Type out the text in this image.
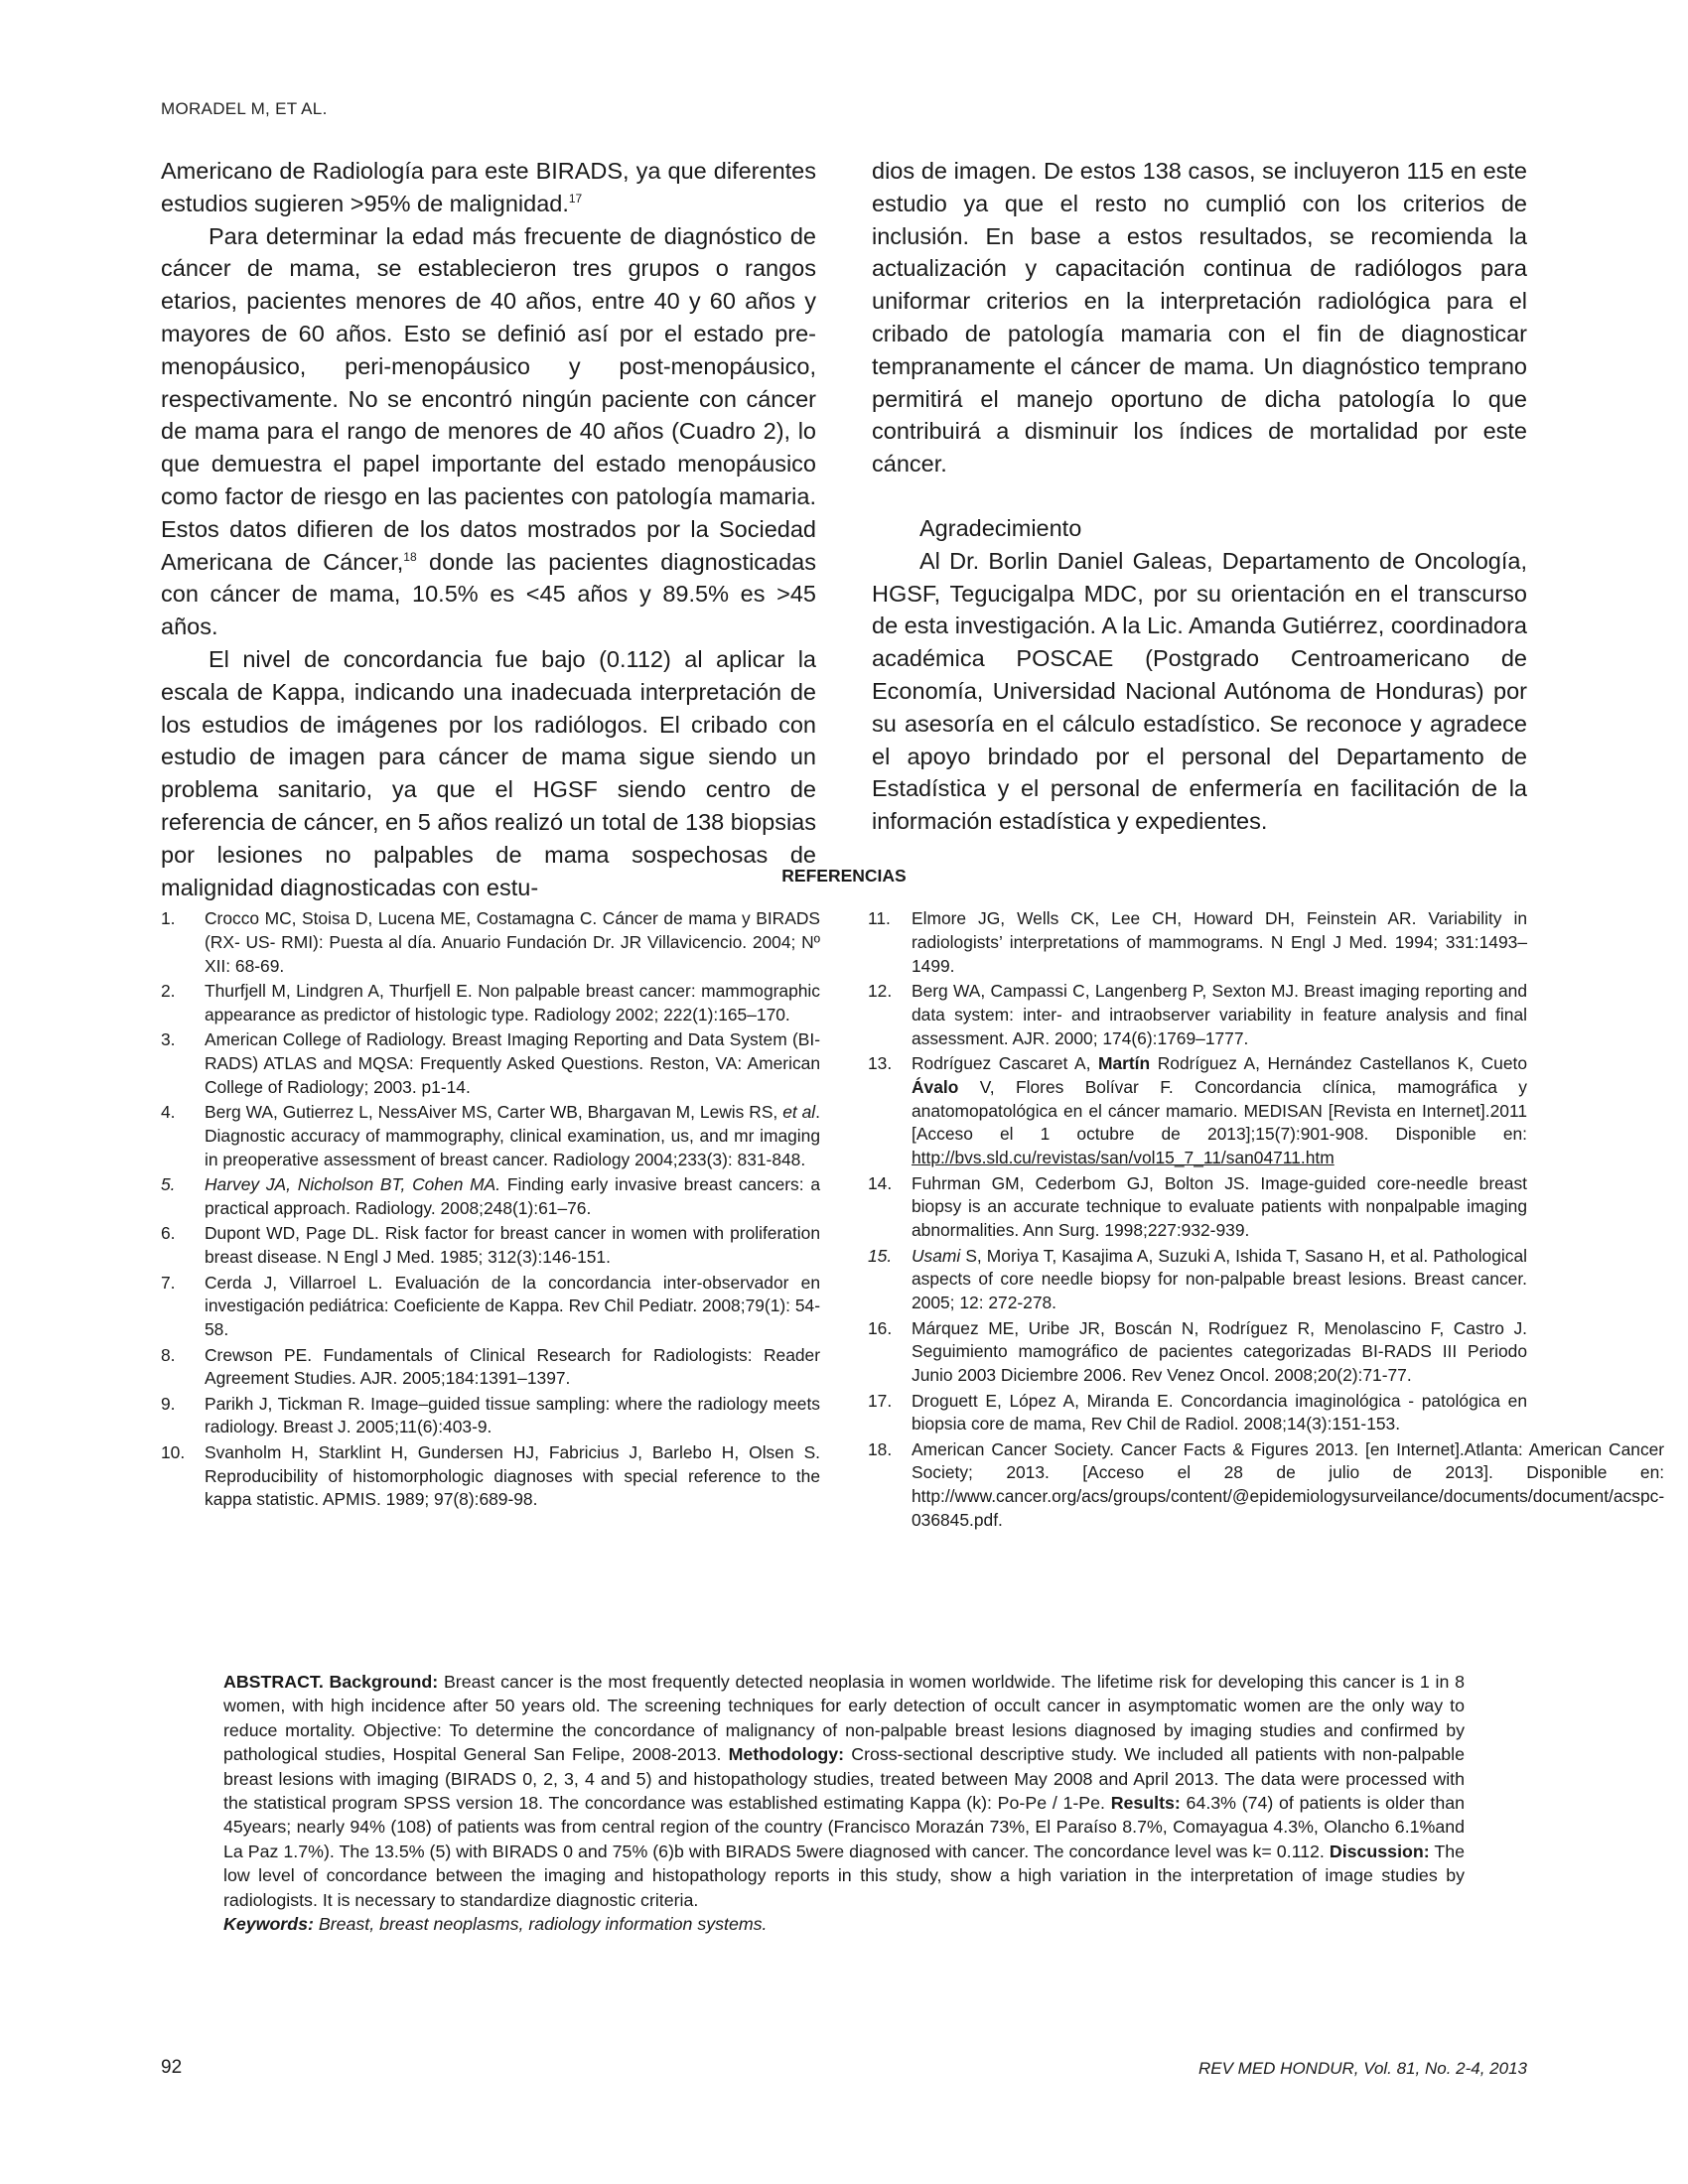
MORADEL M, ET AL.

Americano de Radiología para este BIRADS, ya que diferentes estudios sugieren >95% de malignidad.$^{17}$

Para determinar la edad más frecuente de diagnóstico de cáncer de mama, se establecieron tres grupos o rangos etarios, pacientes menores de 40 años, entre 40 y 60 años y mayores de 60 años. Esto se definió así por el estado pre-menopáusico, peri-menopáusico y post-menopáusico, respectivamente. No se encontró ningún paciente con cáncer de mama para el rango de menores de 40 años (Cuadro 2), lo que demuestra el papel importante del estado menopáusico como factor de riesgo en las pacientes con patología mamaria. Estos datos difieren de los datos mostrados por la Sociedad Americana de Cáncer,$^{18}$ donde las pacientes diagnosticadas con cáncer de mama, 10.5% es <45 años y 89.5% es >45 años.

El nivel de concordancia fue bajo (0.112) al aplicar la escala de Kappa, indicando una inadecuada interpretación de los estudios de imágenes por los radiólogos. El cribado con estudio de imagen para cáncer de mama sigue siendo un problema sanitario, ya que el HGSF siendo centro de referencia de cáncer, en 5 años realizó un total de 138 biopsias por lesiones no palpables de mama sospechosas de malignidad diagnosticadas con estu-

dios de imagen. De estos 138 casos, se incluyeron 115 en este estudio ya que el resto no cumplió con los criterios de inclusión. En base a estos resultados, se recomienda la actualización y capacitación continua de radiólogos para uniformar criterios en la interpretación radiológica para el cribado de patología mamaria con el fin de diagnosticar tempranamente el cáncer de mama. Un diagnóstico temprano permitirá el manejo oportuno de dicha patología lo que contribuirá a disminuir los índices de mortalidad por este cáncer.

Agradecimiento

Al Dr. Borlin Daniel Galeas, Departamento de Oncología, HGSF, Tegucigalpa MDC, por su orientación en el transcurso de esta investigación. A la Lic. Amanda Gutiérrez, coordinadora académica POSCAE (Postgrado Centroamericano de Economía, Universidad Nacional Autónoma de Honduras) por su asesoría en el cálculo estadístico. Se reconoce y agradece el apoyo brindado por el personal del Departamento de Estadística y el personal de enfermería en facilitación de la información estadística y expedientes.

REFERENCIAS
1.	Crocco MC, Stoisa D, Lucena ME, Costamagna C. Cáncer de mama y BIRADS (RX- US- RMI): Puesta al día. Anuario Fundación Dr. JR Villavicencio. 2004; Nº XII: 68-69.
2.	Thurfjell M, Lindgren A, Thurfjell E. Non palpable breast cancer: mammographic appearance as predictor of histologic type. Radiology 2002; 222(1):165–170.
3.	American College of Radiology. Breast Imaging Reporting and Data System (BI-RADS) ATLAS and MQSA: Frequently Asked Questions. Reston, VA: American College of Radiology; 2003. p1-14.
4.	Berg WA, Gutierrez L, NessAiver MS, Carter WB, Bhargavan M, Lewis RS, et al. Diagnostic accuracy of mammography, clinical examination, us, and mr imaging in preoperative assessment of breast cancer. Radiology 2004;233(3): 831-848.
5.	Harvey JA, Nicholson BT, Cohen MA. Finding early invasive breast cancers: a practical approach. Radiology. 2008;248(1):61–76.
6.	Dupont WD, Page DL. Risk factor for breast cancer in women with proliferation breast disease. N Engl J Med. 1985; 312(3):146-151.
7.	Cerda J, Villarroel L. Evaluación de la concordancia inter-observador en investigación pediátrica: Coeficiente de Kappa. Rev Chil Pediatr. 2008;79(1): 54-58.
8.	Crewson PE. Fundamentals of Clinical Research for Radiologists: Reader Agreement Studies. AJR. 2005;184:1391–1397.
9.	Parikh J, Tickman R. Image–guided tissue sampling: where the radiology meets radiology. Breast J. 2005;11(6):403-9.
10.	Svanholm H, Starklint H, Gundersen HJ, Fabricius J, Barlebo H, Olsen S. Reproducibility of histomorphologic diagnoses with special reference to the kappa statistic. APMIS. 1989; 97(8):689-98.
11.	Elmore JG, Wells CK, Lee CH, Howard DH, Feinstein AR. Variability in radiologists’ interpretations of mammograms. N Engl J Med. 1994; 331:1493–1499.
12.	Berg WA, Campassi C, Langenberg P, Sexton MJ. Breast imaging reporting and data system: inter- and intraobserver variability in feature analysis and final assessment. AJR. 2000; 174(6):1769–1777.
13.	Rodríguez Cascaret A, Martín Rodríguez A, Hernández Castellanos K, Cueto Ávalo V, Flores Bolívar F. Concordancia clínica, mamográfica y anatomopatológica en el cáncer mamario. MEDISAN [Revista en Internet].2011 [Acceso el 1 octubre de 2013];15(7):901-908. Disponible en: http://bvs.sld.cu/revistas/san/vol15_7_11/san04711.htm
14.	Fuhrman GM, Cederbom GJ, Bolton JS. Image-guided core-needle breast biopsy is an accurate technique to evaluate patients with nonpalpable imaging abnormalities. Ann Surg. 1998;227:932-939.
15.	Usami S, Moriya T, Kasajima A, Suzuki A, Ishida T, Sasano H, et al. Pathological aspects of core needle biopsy for non-palpable breast lesions. Breast cancer. 2005; 12: 272-278.
16.	Márquez ME, Uribe JR, Boscán N, Rodríguez R, Menolascino F, Castro J. Seguimiento mamográfico de pacientes categorizadas BI-RADS III Periodo Junio 2003 Diciembre 2006. Rev Venez Oncol. 2008;20(2):71-77.
17.	Droguett E, López A, Miranda E. Concordancia imaginológica - patológica en biopsia core de mama, Rev Chil de Radiol. 2008;14(3):151-153.
18.	American Cancer Society. Cancer Facts & Figures 2013. [en Internet].Atlanta: American Cancer Society; 2013. [Acceso el 28 de julio de 2013]. Disponible en: http://www.cancer.org/acs/groups/content/@epidemiologysurveilance/documents/document/acspc-036845.pdf.
ABSTRACT. Background: Breast cancer is the most frequently detected neoplasia in women worldwide. The lifetime risk for developing this cancer is 1 in 8 women, with high incidence after 50 years old. The screening techniques for early detection of occult cancer in asymptomatic women are the only way to reduce mortality. Objective: To determine the concordance of malignancy of non-palpable breast lesions diagnosed by imaging studies and confirmed by pathological studies, Hospital General San Felipe, 2008-2013. Methodology: Cross-sectional descriptive study. We included all patients with non-palpable breast lesions with imaging (BIRADS 0, 2, 3, 4 and 5) and histopathology studies, treated between May 2008 and April 2013. The data were processed with the statistical program SPSS version 18. The concordance was established estimating Kappa (k): Po-Pe / 1-Pe. Results: 64.3% (74) of patients is older than 45years; nearly 94% (108) of patients was from central region of the country (Francisco Morazán 73%, El Paraíso 8.7%, Comayagua 4.3%, Olancho 6.1%and La Paz 1.7%). The 13.5% (5) with BIRADS 0 and 75% (6)b with BIRADS 5were diagnosed with cancer. The concordance level was k= 0.112. Discussion: The low level of concordance between the imaging and histopathology reports in this study, show a high variation in the interpretation of image studies by radiologists. It is necessary to standardize diagnostic criteria.
Keywords: Breast, breast neoplasms, radiology information systems.
92	REV MED HONDUR, Vol. 81, No. 2-4, 2013
